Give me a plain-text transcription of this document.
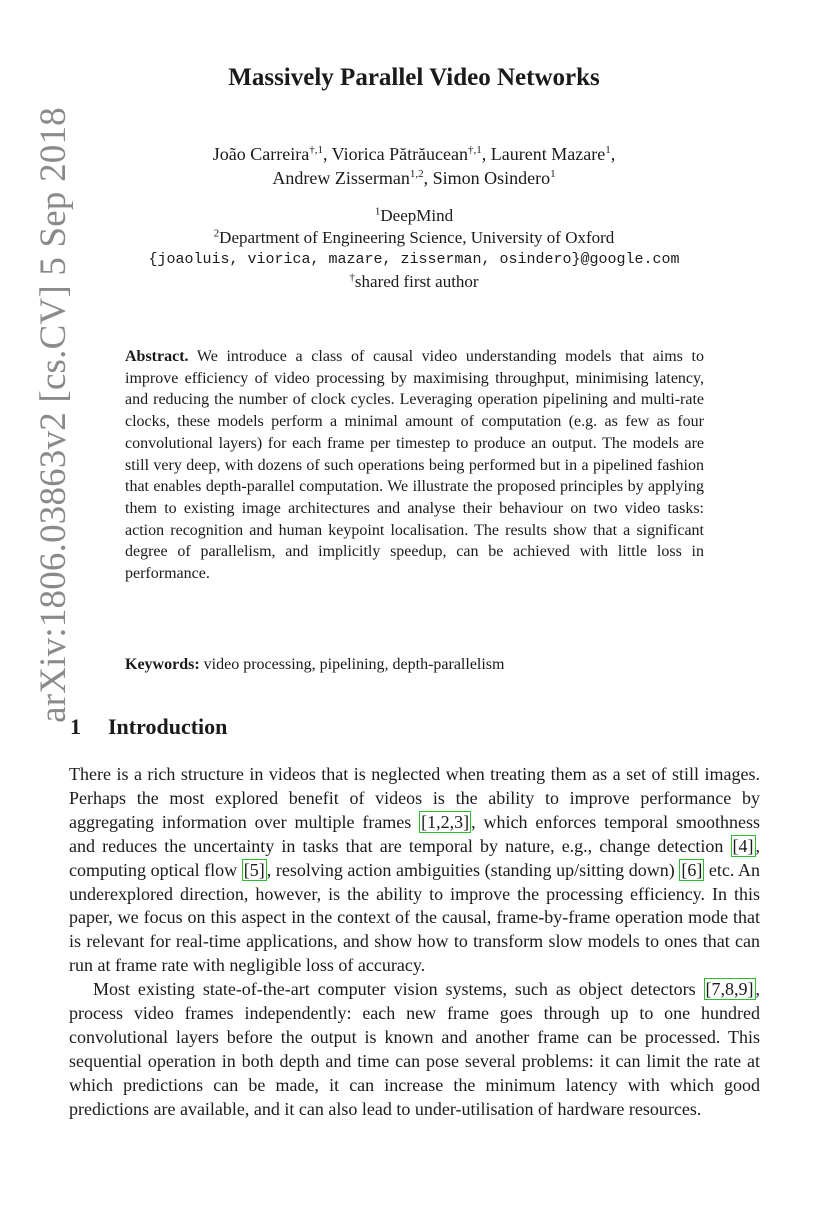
arXiv:1806.03863v2 [cs.CV] 5 Sep 2018
Massively Parallel Video Networks
João Carreira$^{\dagger,1}$, Viorica Pătrăucean$^{\dagger,1}$, Laurent Mazare$^1$,
Andrew Zisserman$^{1,2}$, Simon Osindero$^1$
$^1$DeepMind
$^2$Department of Engineering Science, University of Oxford
{joaoluis, viorica, mazare, zisserman, osindero}@google.com
†shared first author
Abstract. We introduce a class of causal video understanding models that aims to improve efficiency of video processing by maximising throughput, minimising latency, and reducing the number of clock cycles. Leveraging operation pipelining and multi-rate clocks, these models perform a minimal amount of computation (e.g. as few as four convolutional layers) for each frame per timestep to produce an output. The models are still very deep, with dozens of such operations being performed but in a pipelined fashion that enables depth-parallel computation. We illustrate the proposed principles by applying them to existing image architectures and analyse their behaviour on two video tasks: action recognition and human keypoint localisation. The results show that a significant degree of parallelism, and implicitly speedup, can be achieved with little loss in performance.
Keywords: video processing, pipelining, depth-parallelism
1 Introduction

There is a rich structure in videos that is neglected when treating them as a set of still images. Perhaps the most explored benefit of videos is the ability to improve performance by aggregating information over multiple frames [1,2,3] , which enforces temporal smoothness and reduces the uncertainty in tasks that are temporal by nature, e.g., change detection [4] , computing optical flow [5] , resolving action ambiguities (standing up/sitting down) [6] etc. An underexplored direction, however, is the ability to improve the processing efficiency. In this paper, we focus on this aspect in the context of the causal, frame-by-frame operation mode that is relevant for real-time applications, and show how to transform slow models to ones that can run at frame rate with negligible loss of accuracy.

Most existing state-of-the-art computer vision systems, such as object detectors [7,8,9] , process video frames independently: each new frame goes through up to one hundred convolutional layers before the output is known and another frame can be processed. This sequential operation in both depth and time can pose several problems: it can limit the rate at which predictions can be made, it can increase the minimum latency with which good predictions are available, and it can also lead to under-utilisation of hardware resources.
